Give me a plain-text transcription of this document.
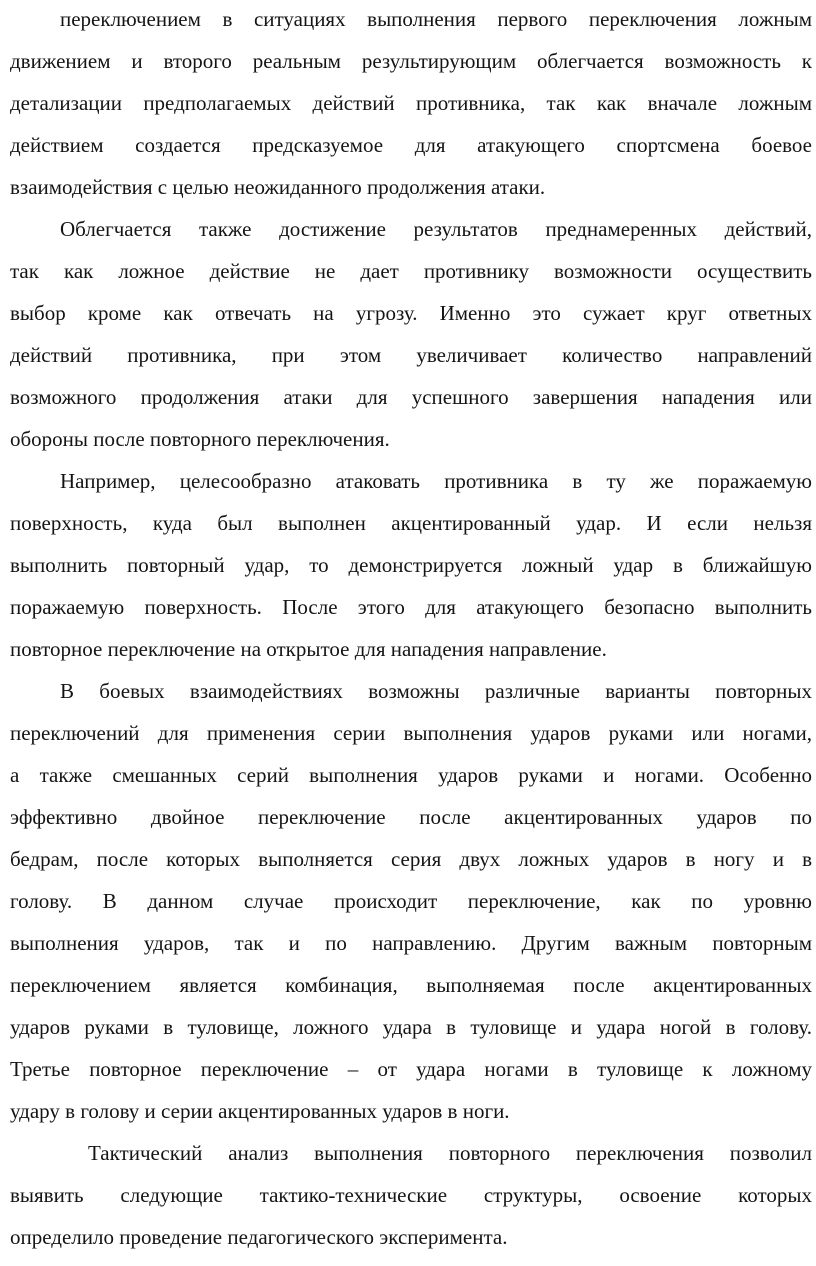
переключением в ситуациях выполнения первого переключения ложным
движением и второго реальным результирующим облегчается возможность к
детализации предполагаемых действий противника, так как вначале ложным
действием создается предсказуемое для атакующего спортсмена боевое
взаимодействия с целью неожиданного продолжения атаки.
Облегчается также достижение результатов преднамеренных действий,
так как ложное действие не дает противнику возможности осуществить
выбор кроме как отвечать на угрозу. Именно это сужает круг ответных
действий противника, при этом увеличивает количество направлений
возможного продолжения атаки для успешного завершения нападения или
обороны после повторного переключения.
Например, целесообразно атаковать противника в ту же поражаемую
поверхность, куда был выполнен акцентированный удар. И если нельзя
выполнить повторный удар, то демонстрируется ложный удар в ближайшую
поражаемую поверхность. После этого для атакующего безопасно выполнить
повторное переключение на открытое для нападения направление.
В боевых взаимодействиях возможны различные варианты повторных
переключений для применения серии выполнения ударов руками или ногами,
а также смешанных серий выполнения ударов руками и ногами. Особенно
эффективно двойное переключение после акцентированных ударов по
бедрам, после которых выполняется серия двух ложных ударов в ногу и в
голову. В данном случае происходит переключение, как по уровню
выполнения ударов, так и по направлению. Другим важным повторным
переключением является комбинация, выполняемая после акцентированных
ударов руками в туловище, ложного удара в туловище и удара ногой в голову.
Третье повторное переключение – от удара ногами в туловище к ложному
удару в голову и серии акцентированных ударов в ноги.
Тактический анализ выполнения повторного переключения позволил
выявить следующие тактико-технические структуры, освоение которых
определило проведение педагогического эксперимента.
